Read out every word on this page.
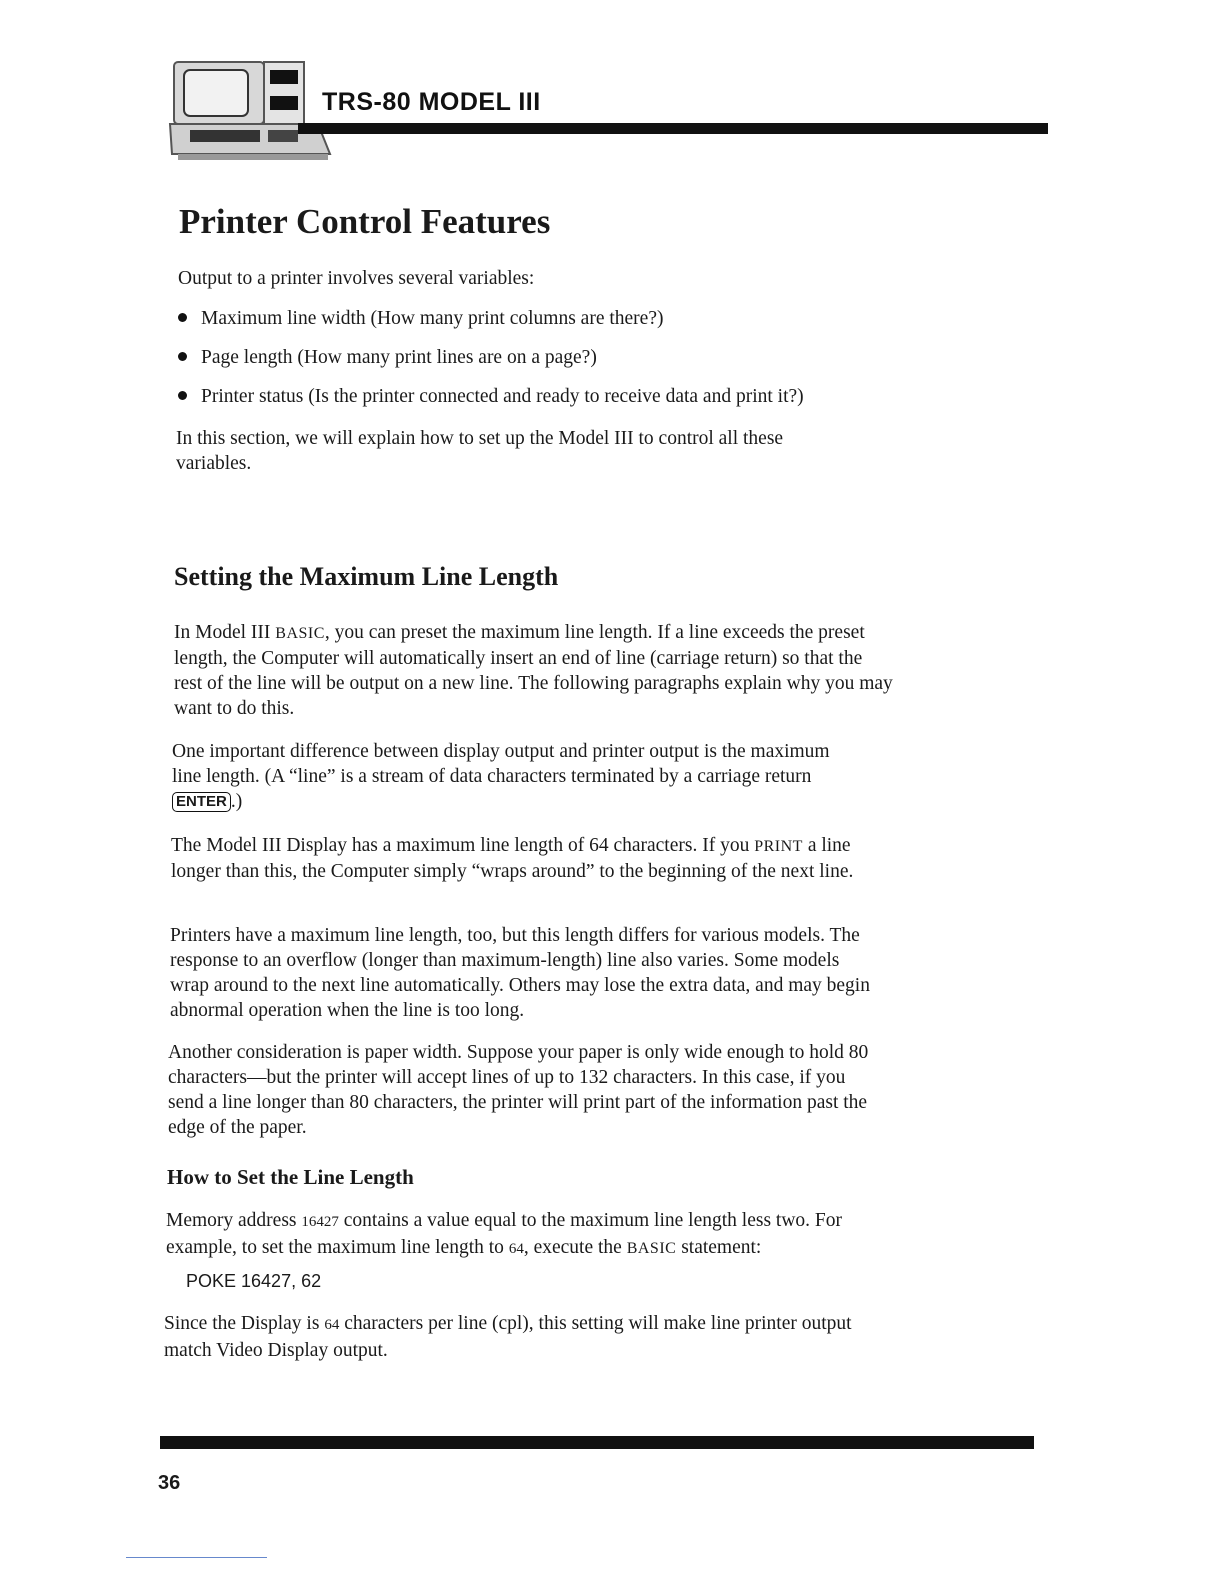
TRS-80 MODEL III
Printer Control Features

Output to a printer involves several variables:

Maximum line width (How many print columns are there?)
Page length (How many print lines are on a page?)
Printer status (Is the printer connected and ready to receive data and print it?)

In this section, we will explain how to set up the Model III to control all these variables.

Setting the Maximum Line Length

In Model III BASIC, you can preset the maximum line length. If a line exceeds the preset length, the Computer will automatically insert an end of line (carriage return) so that the rest of the line will be output on a new line. The following paragraphs explain why you may want to do this.

One important difference between display output and printer output is the maximum line length. (A “line” is a stream of data characters terminated by a carriage return ENTER .)

The Model III Display has a maximum line length of 64 characters. If you PRINT a line longer than this, the Computer simply “wraps around” to the beginning of the next line.

Printers have a maximum line length, too, but this length differs for various models. The response to an overflow (longer than maximum-length) line also varies. Some models wrap around to the next line automatically. Others may lose the extra data, and may begin abnormal operation when the line is too long.

Another consideration is paper width. Suppose your paper is only wide enough to hold 80 characters—but the printer will accept lines of up to 132 characters. In this case, if you send a line longer than 80 characters, the printer will print part of the information past the edge of the paper.

How to Set the Line Length

Memory address 16427 contains a value equal to the maximum line length less two. For example, to set the maximum line length to 64, execute the BASIC statement:

POKE 16427, 62

Since the Display is 64 characters per line (cpl), this setting will make line printer output match Video Display output.

36
